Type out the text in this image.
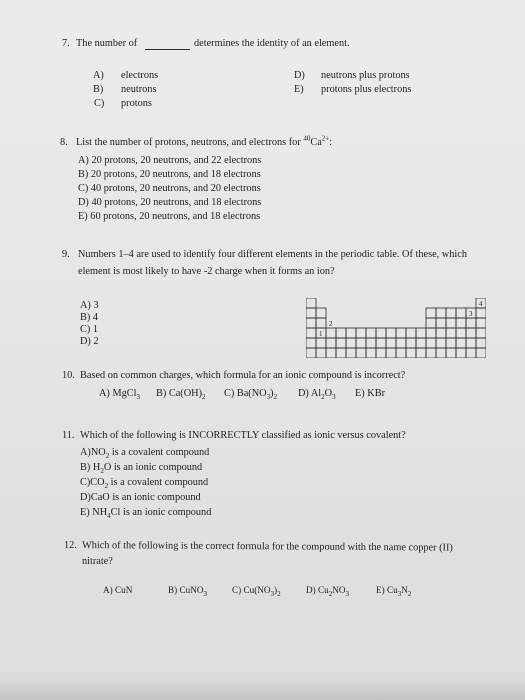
7. The number of	determines the identity of an element.
A) electrons
B) neutrons
C) protons
D) neutrons plus protons
E) protons plus electrons
8. List the number of protons, neutrons, and electrons for $^{40}Ca^{2+}$:
A) 20 protons, 20 neutrons, and 22 electrons
B) 20 protons, 20 neutrons, and 18 electrons
C) 40 protons, 20 neutrons, and 20 electrons
D) 40 protons, 20 neutrons, and 18 electrons
E) 60 protons, 20 neutrons, and 18 electrons
9. Numbers 1–4 are used to identify four different elements in the periodic table. Of these, which
element is most likely to have -2 charge when it forms an ion?
A) 3
B) 4
C) 1
D) 2
1
2
3
4
10. Based on common charges, which formula for an ionic compound is incorrect?
A) MgCl$_3$ B) $Ca(OH)_2$ C) $Ba(NO_3)_2$ D) $Al_2O_3$ E) KBr
11. Which of the following is INCORRECTLY classified as ionic versus covalent?
$A)NO_2$ is a covalent compound
B) $H_2O$ is an ionic compound
$C)CO_2$ is a covalent compound
D)CaO is an ionic compound
E) $NH_4Cl$ is an ionic compound
12. Which of the following is the correct formula for the compound with the name copper (II)
nitrate?
A) CuN	B) CuNO$_3$	C) $Cu(NO_3)_2$	D) $Cu_2NO_3$	E) $Cu_3N_2$
